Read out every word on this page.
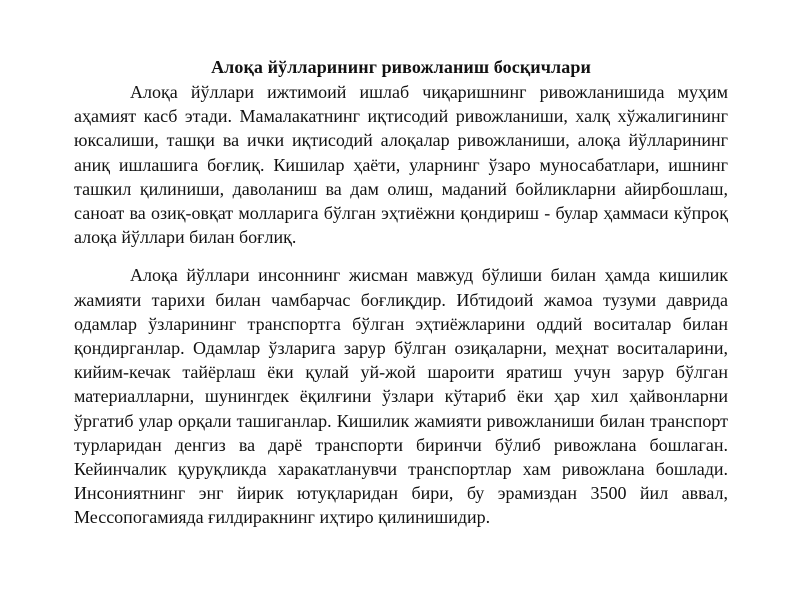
Алоқа йўлларининг ривожланиш босқичлари

Алоқа йўллари ижтимоий ишлаб чиқаришнинг ривожланишида муҳим аҳамият касб этади. Мамалакатнинг иқтисодий ривожланиши, халқ хўжалигининг юксалиши, ташқи ва ички иқтисодий алоқалар ривожланиши, алоқа йўлларининг аниқ ишлашига боғлиқ. Кишилар ҳаёти, уларнинг ўзаро муносабатлари, ишнинг ташкил қилиниши, даволаниш ва дам олиш, маданий бойликларни айирбошлаш, саноат ва озиқ-овқат молларига бўлган эҳтиёжни қондириш - булар ҳаммаси кўпроқ алоқа йўллари билан боғлиқ.

Алоқа йўллари инсоннинг жисман мавжуд бўлиши билан ҳамда кишилик жамияти тарихи билан чамбарчас боғлиқдир. Ибтидоий жамоа тузуми даврида одамлар ўзларининг транспортга бўлган эҳтиёжларини оддий воситалар билан қондирганлар. Одамлар ўзларига зарур бўлган озиқаларни, меҳнат воситаларини, кийим-кечак тайёрлаш ёки қулай уй-жой шароити яратиш учун зарур бўлган материалларни, шунингдек ёқилғини ўзлари кўтариб ёки ҳар хил ҳайвонларни ўргатиб улар орқали ташиганлар. Кишилик жамияти ривожланиши билан транспорт турларидан денгиз ва дарё транспорти биринчи бўлиб ривожлана бошлаган. Кейинчалик қуруқликда харакатланувчи транспортлар хам ривожлана бошлади. Инсониятнинг энг йирик ютуқларидан бири, бу эрамиздан 3500 йил аввал, Мессопогамияда ғилдиракнинг иҳтиро қилинишидир.
